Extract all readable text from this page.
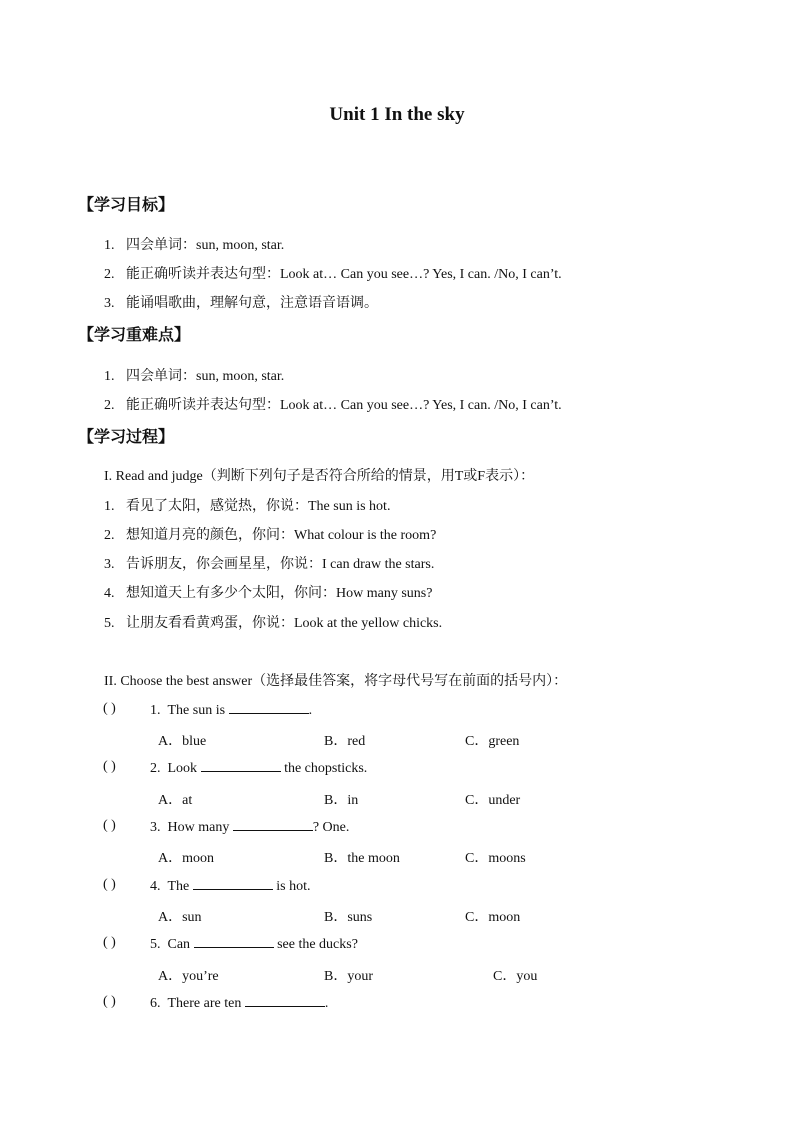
Unit 1 In the sky
【学习目标】
1. 四会单词：sun, moon, star.
2. 能正确听读并表达句型：Look at… Can you see…? Yes, I can. /No, I can’t.
3. 能诵唱歌曲，理解句意，注意语音语调。
【学习重难点】
1. 四会单词：sun, moon, star.
2. 能正确听读并表达句型：Look at… Can you see…? Yes, I can. /No, I can’t.
【学习过程】
I. Read and judge（判断下列句子是否符合所给的情景，用T或F表示）：
1. 看见了太阳，感觉热，你说：The sun is hot.
2. 想知道月亮的颜色，你问：What colour is the room?
3. 告诉朋友，你会画星星，你说：I can draw the stars.
4. 想知道天上有多少个太阳，你问：How many suns?
5. 让朋友看看黄鸡蛋，你说：Look at the yellow chicks.
II. Choose the best answer（选择最佳答案，将字母代号写在前面的括号内）：
( ) 1. The sun is	.
A．blue	B．red	C．green
( ) 2. Look	the chopsticks.
A．at	B．in	C．under
( ) 3. How many	? One.
A．moon	B．the moon	C．moons
( ) 4. The	is hot.
A．sun	B．suns	C．moon
( ) 5. Can	see the ducks?
A．you’re	B．your	C．you
( ) 6. There are ten	.
